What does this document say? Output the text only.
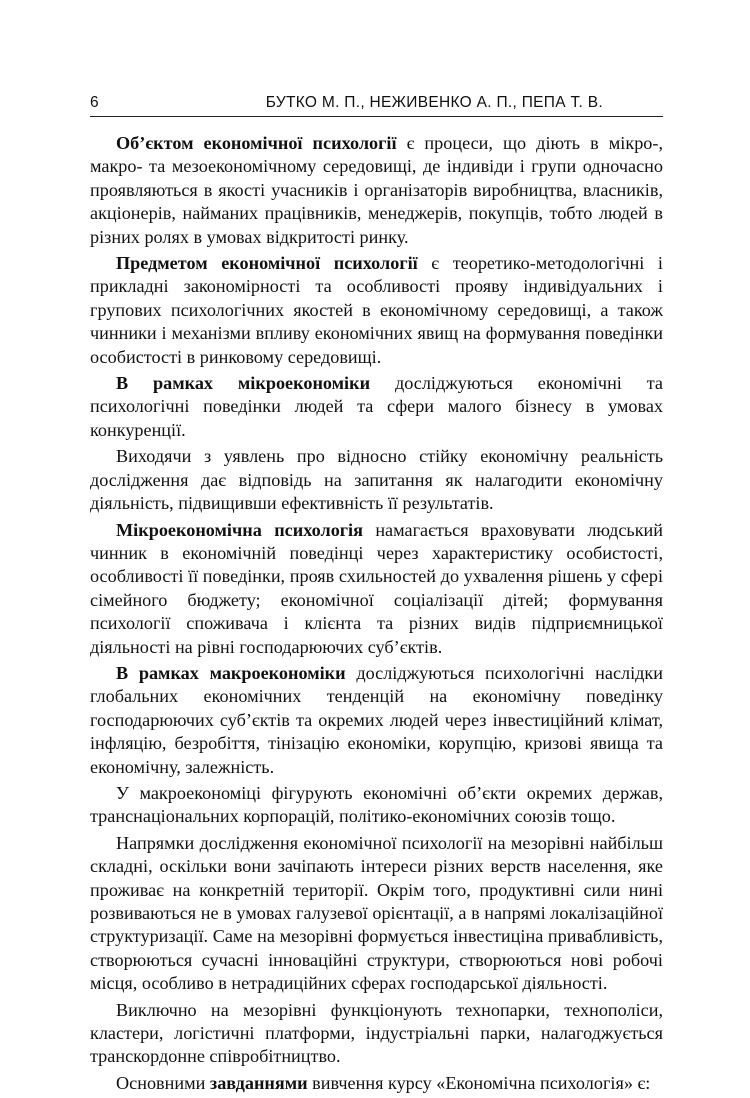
6	БУТКО М. П., НЕЖИВЕНКО А. П., ПЕПА Т. В.

Об’єктом економічної психології є процеси, що діють в мікро-, макро- та мезоекономічному середовищі, де індивіди і групи одночасно проявляються в якості учасників і організаторів виробництва, власників, акціонерів, найманих працівників, менеджерів, покупців, тобто людей в різних ролях в умовах відкритості ринку.

Предметом економічної психології є теоретико-методологічні і прикладні закономірності та особливості прояву індивідуальних і групових психологічних якостей в економічному середовищі, а також чинники і механізми впливу економічних явищ на формування поведінки особистості в ринковому середовищі.

В рамках мікроекономіки досліджуються економічні та психологічні поведінки людей та сфери малого бізнесу в умовах конкуренції.

Виходячи з уявлень про відносно стійку економічну реальність дослідження дає відповідь на запитання як налагодити економічну діяльність, підвищивши ефективність її результатів.

Мікроекономічна психологія намагається враховувати людський чинник в економічній поведінці через характеристику особистості, особливості її поведінки, прояв схильностей до ухвалення рішень у сфері сімейного бюджету; економічної соціалізації дітей; формування психології споживача і клієнта та різних видів підприємницької діяльності на рівні господарюючих суб’єктів.

В рамках макроекономіки досліджуються психологічні наслідки глобальних економічних тенденцій на економічну поведінку господарюючих суб’єктів та окремих людей через інвестиційний клімат, інфляцію, безробіття, тінізацію економіки, корупцію, кризові явища та економічну, залежність.

У макроекономіці фігурують економічні об’єкти окремих держав, транснаціональних корпорацій, політико-економічних союзів тощо.

Напрямки дослідження економічної психології на мезорівні найбільш складні, оскільки вони зачіпають інтереси різних верств населення, яке проживає на конкретній території. Окрім того, продуктивні сили нині розвиваються не в умовах галузевої орієнтації, а в напрямі локалізаційної структуризації. Саме на мезорівні формується інвестиціна привабливість, створюються сучасні інноваційні структури, створюються нові робочі місця, особливо в нетрадиційних сферах господарської діяльності.

Виключно на мезорівні функціонують технопарки, технополіси, кластери, логістичні платформи, індустріальні парки, налагоджується транскордонне співробітництво.

Основними завданнями вивчення курсу «Економічна психологія» є:
